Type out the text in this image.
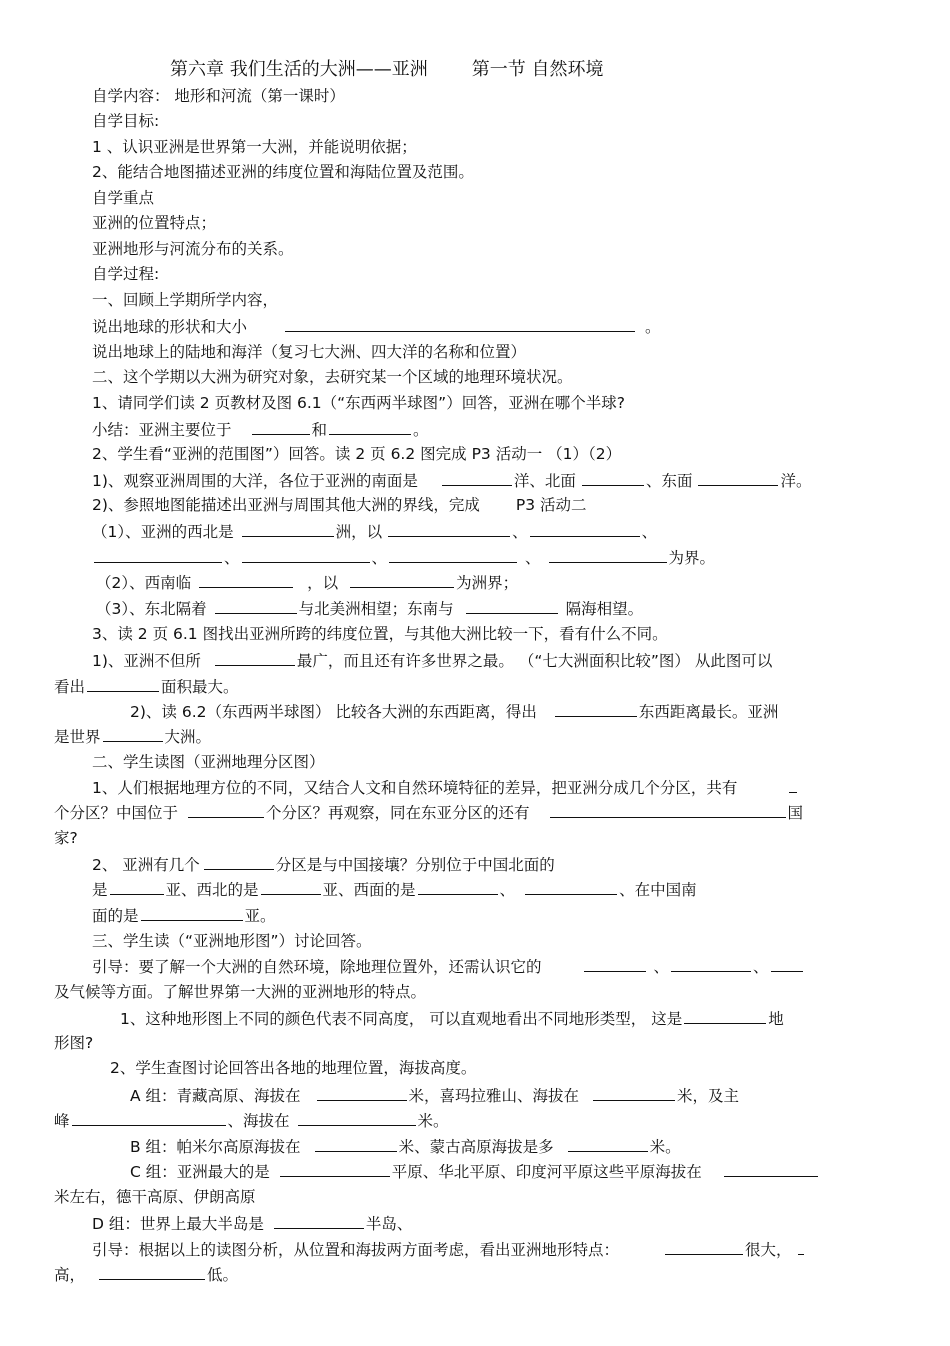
第六章 我们生活的大洲——亚洲 第一节 自然环境
自学内容： 地形和河流（第一课时）
自学目标:
1 、认识亚洲是世界第一大洲，并能说明依据；
2、能结合地图描述亚洲的纬度位置和海陆位置及范围。
自学重点
亚洲的位置特点；
亚洲地形与河流分布的关系。
自学过程:
一、回顾上学期所学内容，
说出地球的形状和大小	。
说出地球上的陆地和海洋（复习七大洲、四大洋的名称和位置）
二、这个学期以大洲为研究对象，去研究某一个区域的地理环境状况。
1、请同学们读 2 页教材及图 6.1（“东西两半球图”）回答，亚洲在哪个半球?
小结：亚洲主要位于	和	。
2、学生看“亚洲的范围图”）回答。读 2 页 6.2 图完成 P3 活动一 （1）（2）
1)、观察亚洲周围的大洋，各位于亚洲的南面是	洋、北面	、东面	洋。
2)、参照地图能描述出亚洲与周围其他大洲的界线，完成 P3 活动二
（1）、亚洲的西北是	洲，以	、	、
、	、	、	为界。
（2）、西南临	，以	为洲界；
（3）、东北隔着	与北美洲相望；东南与	隔海相望。
3、读 2 页 6.1 图找出亚洲所跨的纬度位置，与其他大洲比较一下，看有什么不同。
1)、亚洲不但所	最广，而且还有许多世界之最。 （“七大洲面积比较”图） 从此图可以
看出	面积最大。
2)、读 6.2（东西两半球图） 比较各大洲的东西距离，得出	东西距离最长。亚洲
是世界	大洲。
二、学生读图（亚洲地理分区图）
1、人们根据地理方位的不同，又结合人文和自然环境特征的差异，把亚洲分成几个分区，共有
个分区？中国位于	个分区？再观察，同在东亚分区的还有	国
家?
2、 亚洲有几个	分区是与中国接壤？分别位于中国北面的
是	亚、西北的是	亚、西面的是	、	、在中国南
面的是	亚。
三、学生读（“亚洲地形图”）讨论回答。
引导：要了解一个大洲的自然环境，除地理位置外，还需认识它的	、	、
及气候等方面。了解世界第一大洲的亚洲地形的特点。
1、这种地形图上不同的颜色代表不同高度， 可以直观地看出不同地形类型， 这是	地
形图?
2、学生查图讨论回答出各地的地理位置，海拔高度。
A 组：青藏高原、海拔在	米，喜玛拉雅山、海拔在	米，及主
峰	、海拔在	米。
B 组：帕米尔高原海拔在	米、蒙古高原海拔是多	米。
C 组：亚洲最大的是	平原、华北平原、印度河平原这些平原海拔在
米左右，德干高原、伊朗高原
D 组：世界上最大半岛是	半岛、
引导：根据以上的读图分析，从位置和海拔两方面考虑，看出亚洲地形特点：	很大，
高，	低。
